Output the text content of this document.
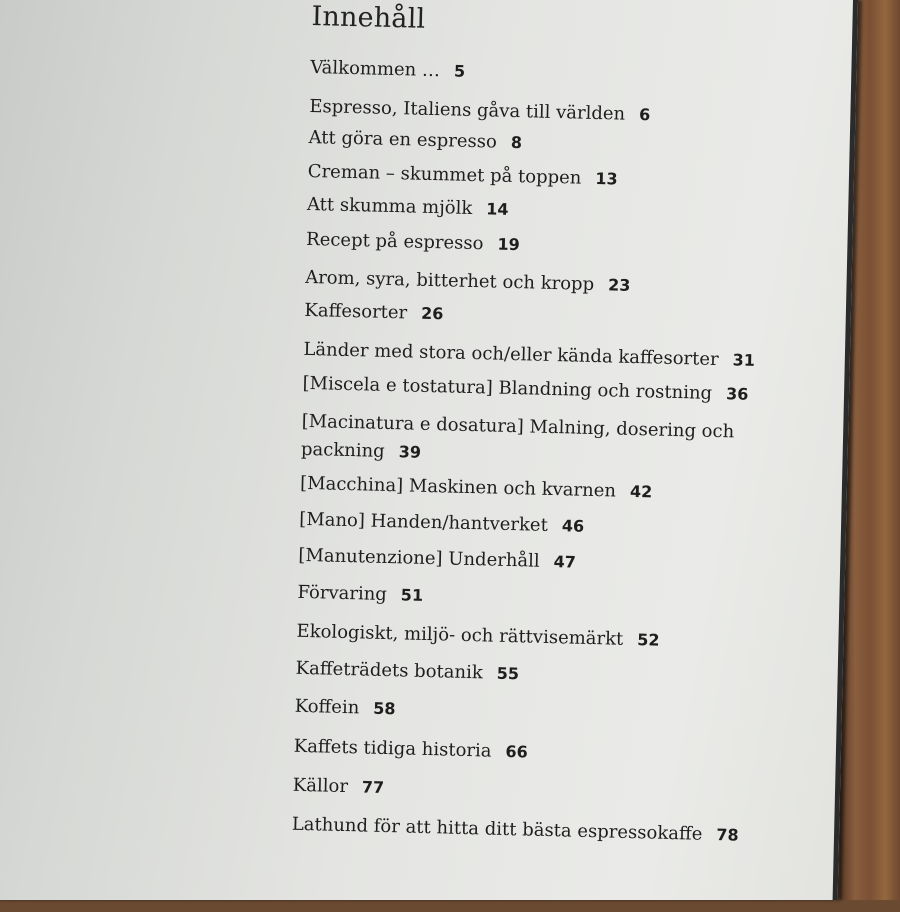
Innehåll
Välkommen … 5
Espresso, Italiens gåva till världen 6
Att göra en espresso 8
Creman – skummet på toppen 13
Att skumma mjölk 14
Recept på espresso 19
Arom, syra, bitterhet och kropp 23
Kaffesorter 26
Länder med stora och/eller kända kaffesorter 31
[Miscela e tostatura] Blandning och rostning 36
[Macinatura e dosatura] Malning, dosering och packning 39
[Macchina] Maskinen och kvarnen 42
[Mano] Handen/hantverket 46
[Manutenzione] Underhåll 47
Förvaring 51
Ekologiskt, miljö- och rättvisemärkt 52
Kaffeträdets botanik 55
Koffein 58
Kaffets tidiga historia 66
Källor 77
Lathund för att hitta ditt bästa espressokaffe 78
